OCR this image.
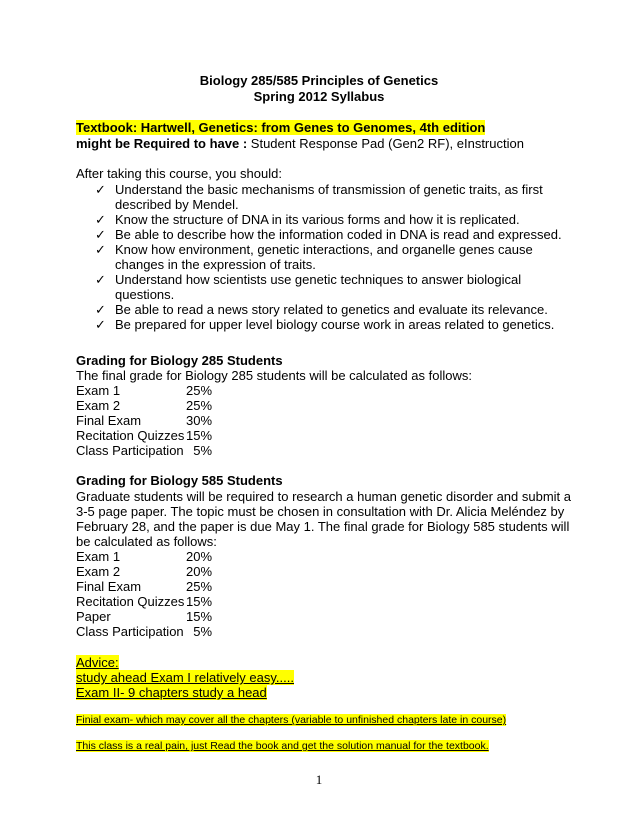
Biology 285/585 Principles of Genetics
Spring 2012 Syllabus
Textbook: Hartwell, Genetics: from Genes to Genomes, 4th edition
might be Required to have : Student Response Pad (Gen2 RF), eInstruction
After taking this course, you should:
✓ Understand the basic mechanisms of transmission of genetic traits, as first
described by Mendel.
✓ Know the structure of DNA in its various forms and how it is replicated.
✓ Be able to describe how the information coded in DNA is read and expressed.
✓ Know how environment, genetic interactions, and organelle genes cause
changes in the expression of traits.
✓ Understand how scientists use genetic techniques to answer biological
questions.
✓ Be able to read a news story related to genetics and evaluate its relevance.
✓ Be prepared for upper level biology course work in areas related to genetics.
Grading for Biology 285 Students
The final grade for Biology 285 students will be calculated as follows:
Exam 1	25%
Exam 2	25%
Final Exam	30%
Recitation Quizzes 15%
Class Participation 5%
Grading for Biology 585 Students
Graduate students will be required to research a human genetic disorder and submit a
3-5 page paper. The topic must be chosen in consultation with Dr. Alicia Meléndez by
February 28, and the paper is due May 1. The final grade for Biology 585 students will
be calculated as follows:
Exam 1	20%
Exam 2	20%
Final Exam	25%
Recitation Quizzes 15%
Paper	15%
Class Participation 5%
Advice:
study ahead Exam I relatively easy.....
Exam II- 9 chapters study a head
Finial exam- which may cover all the chapters (variable to unfinished chapters late in course)
This class is a real pain, just Read the book and get the solution manual for the textbook.
1
